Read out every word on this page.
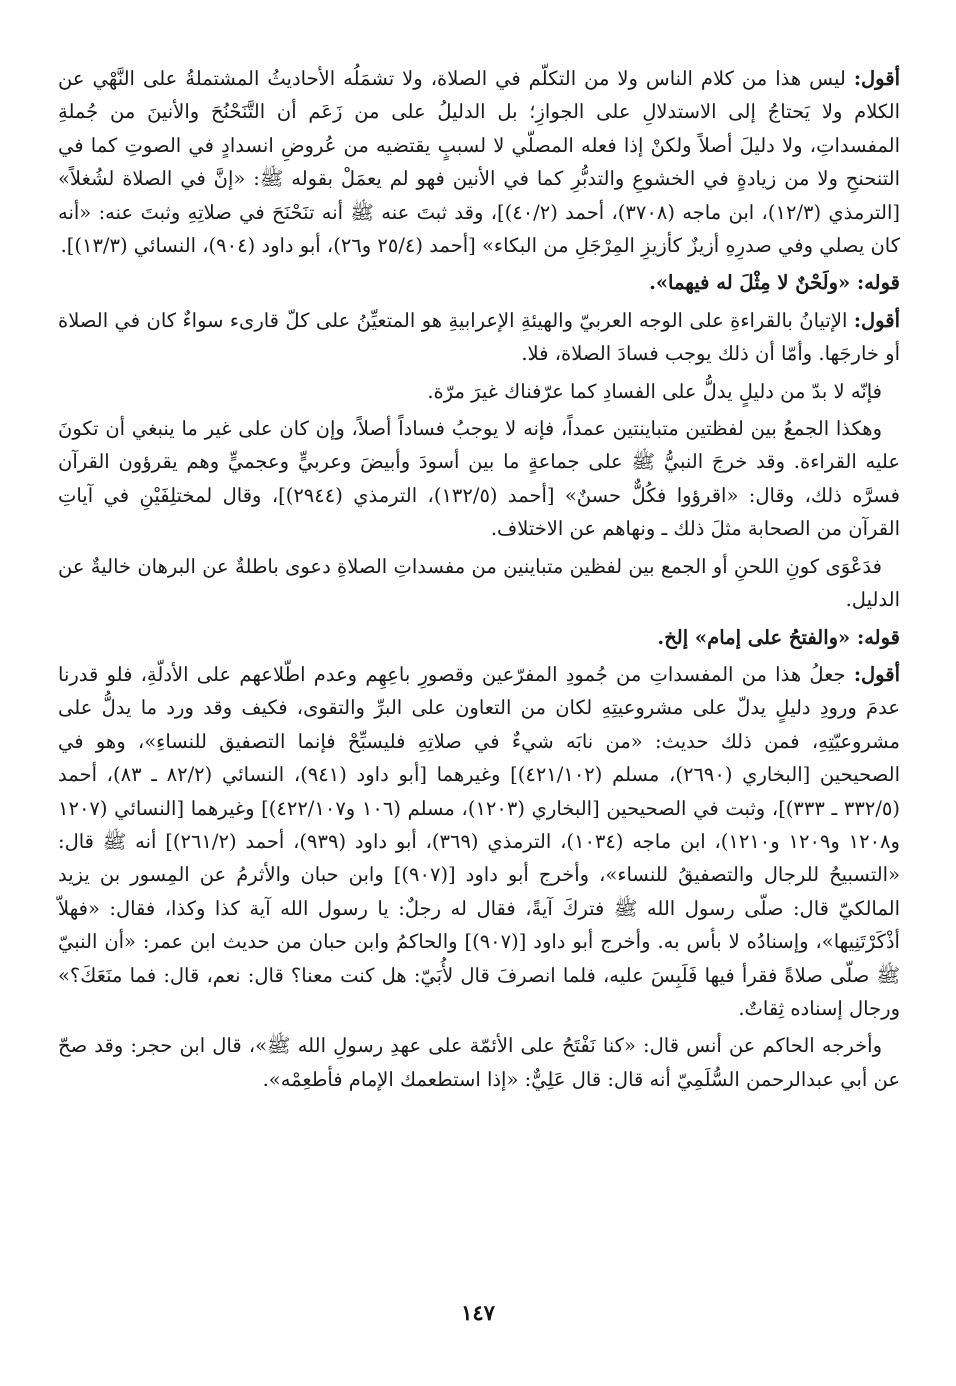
أقول: ليس هذا من كلام الناس ولا من التكلّم في الصلاة، ولا تشمَلُه الأحاديثُ المشتملةُ على النَّهْي عن الكلام ولا يَحتاجُ إلى الاستدلالِ على الجوازِ؛ بل الدليلُ على من زَعَم أن التَّنَحْنُحَ والأنينَ من جُملةِ المفسداتِ، ولا دليلَ أصلاً ولكنْ إذا فعله المصلّي لا لسببٍ يقتضيه من عُروضِ انسدادٍ في الصوتِ كما في التنحنحِ ولا من زيادةٍ في الخشوعِ والتدبُّرِ كما في الأنين فهو لم يعمَلْ بقوله ﷺ: «إنَّ في الصلاة لشُغلاً» [الترمذي (١٢/٣)، ابن ماجه (٣٧٠٨)، أحمد (٤٠/٢)]، وقد ثبتَ عنه ﷺ أنه تنَحْنَحَ في صلاتِهِ وثبتَ عنه: «أنه كان يصلي وفي صدرِهِ أزيزٌ كأزيزِ المِرْجَلِ من البكاء» [أحمد (٢٥/٤ و٢٦)، أبو داود (٩٠٤)، النسائي (١٣/٣)].

قوله: «ولَحْنٌ لا مِثْلَ له فيهما».

أقول: الإتيانُ بالقراءةِ على الوجه العربيّ والهيئةِ الإعرابيةِ هو المتعيِّنُ على كلّ قارىء سواءٌ كان في الصلاة أو خارجَها. وأمّا أن ذلك يوجب فسادَ الصلاة، فلا.

فإنّه لا بدّ من دليلٍ يدلُّ على الفسادِ كما عرّفناك غيرَ مرّة.

وهكذا الجمعُ بين لفظتين متباينتين عمداً، فإنه لا يوجبُ فساداً أصلاً، وإن كان على غير ما ينبغي أن تكونَ عليه القراءة. وقد خرجَ النبيُّ ﷺ على جماعةٍ ما بين أسودَ وأبيضَ وعربيٍّ وعجميٍّ وهم يقرؤون القرآن فسرَّه ذلك، وقال: «اقرؤوا فكُلٌّ حسنٌ» [أحمد (١٣٢/٥)، الترمذي (٢٩٤٤)]، وقال لمختلِفَيْنِ في آياتِ القرآن من الصحابة مثلَ ذلك ـ ونهاهم عن الاختلاف.

فدَعْوَى كونِ اللحنِ أو الجمع بين لفظين متباينين من مفسداتِ الصلاةِ دعوى باطلةٌ عن البرهان خاليةٌ عن الدليل.

قوله: «والفتحُ على إمام» إلخ.

أقول: جعلُ هذا من المفسداتِ من جُمودِ المفرّعين وقصورِ باعِهِم وعدم اطّلاعهم على الأدلّةِ، فلو قدرنا عدمَ ورودِ دليلٍ يدلّ على مشروعيتِهِ لكان من التعاون على البرِّ والتقوى، فكيف وقد ورد ما يدلُّ على مشروعيّتِهِ، فمن ذلك حديث: «من نابَه شيءٌ في صلاتِهِ فليسبِّحْ فإنما التصفيق للنساءِ»، وهو في الصحيحين [البخاري (٢٦٩٠)، مسلم (٤٢١/١٠٢)] وغيرهما [أبو داود (٩٤١)، النسائي (٨٢/٢ ـ ٨٣)، أحمد (٣٣٢/٥ ـ ٣٣٣)]، وثبت في الصحيحين [البخاري (١٢٠٣)، مسلم (١٠٦ و٤٢٢/١٠٧)] وغيرهما [النسائي (١٢٠٧ و١٢٠٨ و١٢٠٩ و١٢١٠)، ابن ماجه (١٠٣٤)، الترمذي (٣٦٩)، أبو داود (٩٣٩)، أحمد (٢٦١/٢)] أنه ﷺ قال: «التسبيحُ للرجال والتصفيقُ للنساء»، وأخرج أبو داود [(٩٠٧)] وابن حبان والأثرمُ عن المِسور بن يزيد المالكيّ قال: صلّى رسول الله ﷺ فتركَ آيةً، فقال له رجلٌ: يا رسول الله آية كذا وكذا، فقال: «فهلاّ أذْكَرْتَنِيها»، وإسنادُه لا بأس به. وأخرج أبو داود [(٩٠٧)] والحاكمُ وابن حبان من حديث ابن عمر: «أن النبيّ ﷺ صلّى صلاةً فقرأ فيها فَلَبِسَ عليه، فلما انصرفَ قال لأُبَيّ: هل كنت معنا؟ قال: نعم، قال: فما منَعَكَ؟» ورجال إسناده ثِقاتٌ.

وأخرجه الحاكم عن أنس قال: «كنا نَفْتَحُ على الأئمّة على عهدِ رسولِ الله ﷺ»، قال ابن حجر: وقد صحّ عن أبي عبدالرحمن السُّلَمِيّ أنه قال: قال عَلِيٌّ: «إذا استطعمك الإمام فأطعِمْه».

١٤٧
